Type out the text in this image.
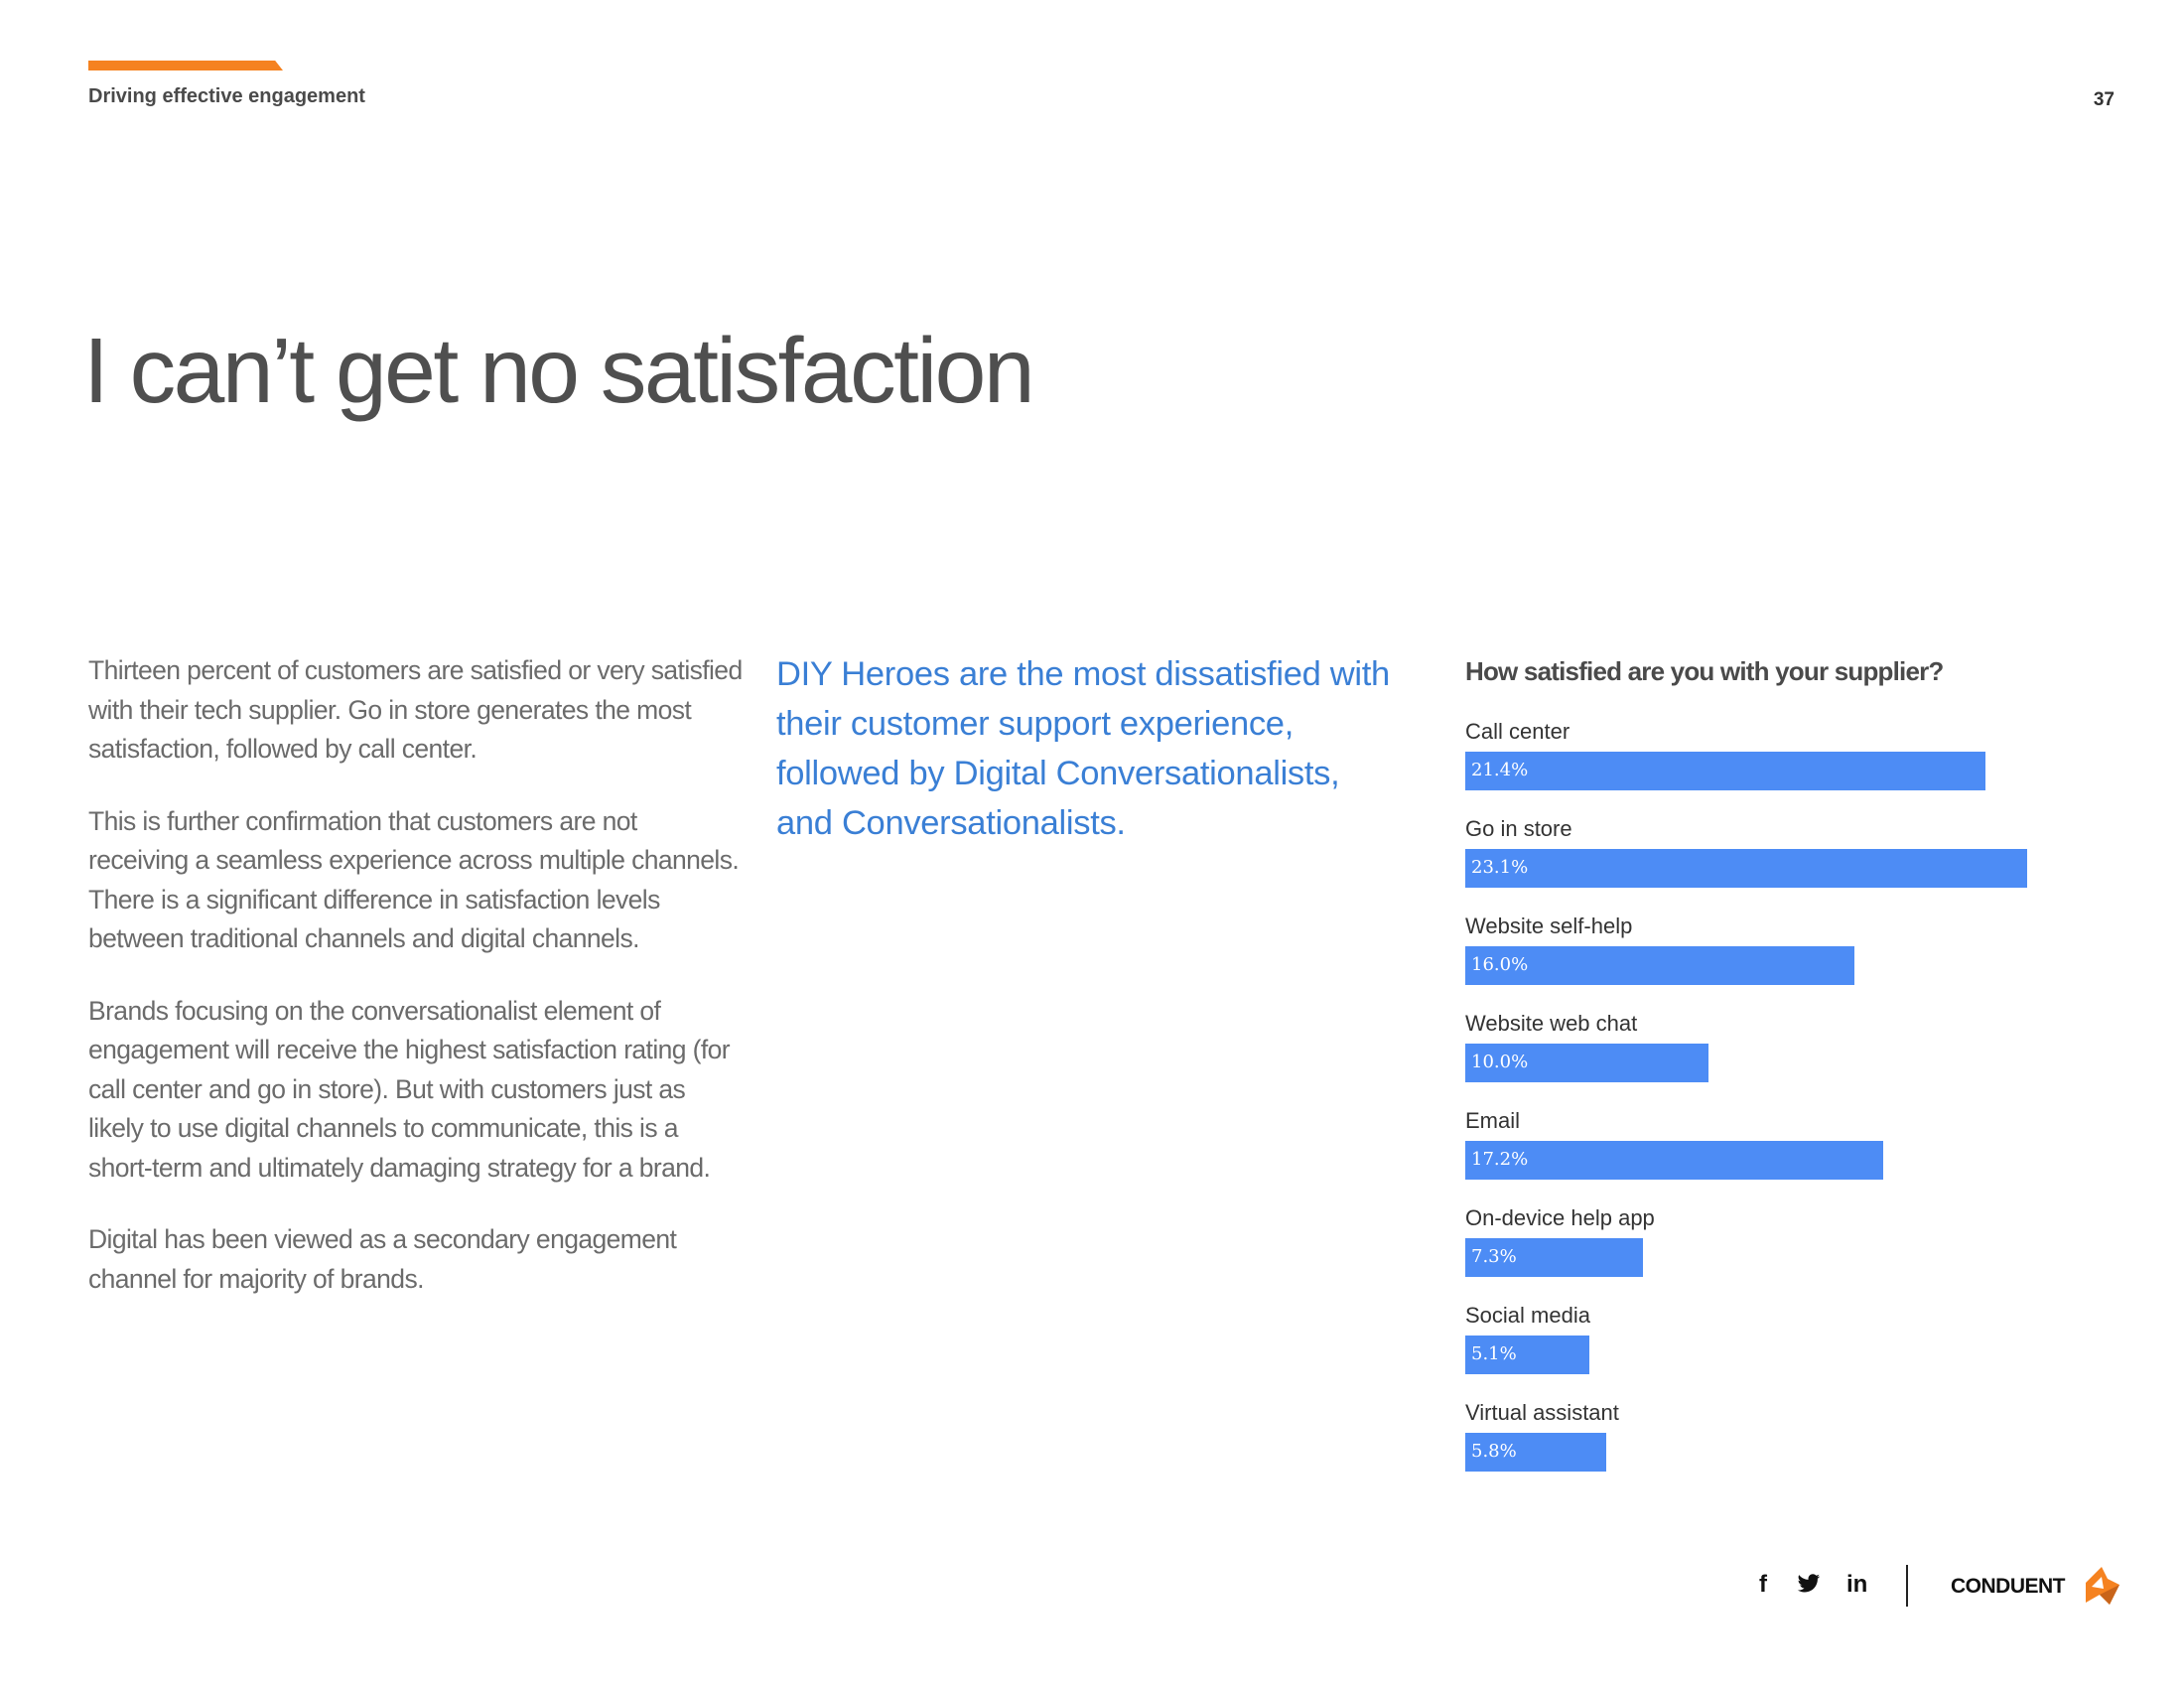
Driving effective engagement	37
I can’t get no satisfaction

Thirteen percent of customers are satisfied or very satisfied with their tech supplier. Go in store generates the most satisfaction, followed by call center.

This is further confirmation that customers are not receiving a seamless experience across multiple channels. There is a significant difference in satisfaction levels between traditional channels and digital channels.

Brands focusing on the conversationalist element of engagement will receive the highest satisfaction rating (for call center and go in store). But with customers just as likely to use digital channels to communicate, this is a short-term and ultimately damaging strategy for a brand.

Digital has been viewed as a secondary engagement channel for majority of brands.

DIY Heroes are the most dissatisfied with their customer support experience, followed by Digital Conversationalists, and Conversationalists.
How satisfied are you with your supplier?
Call center
21.4%
Go in store
23.1%
Website self-help
16.0%
Website web chat
10.0%
Email
17.2%
On-device help app
7.3%
Social media
5.1%
Virtual assistant
5.8%
f	in	CONDUENT
